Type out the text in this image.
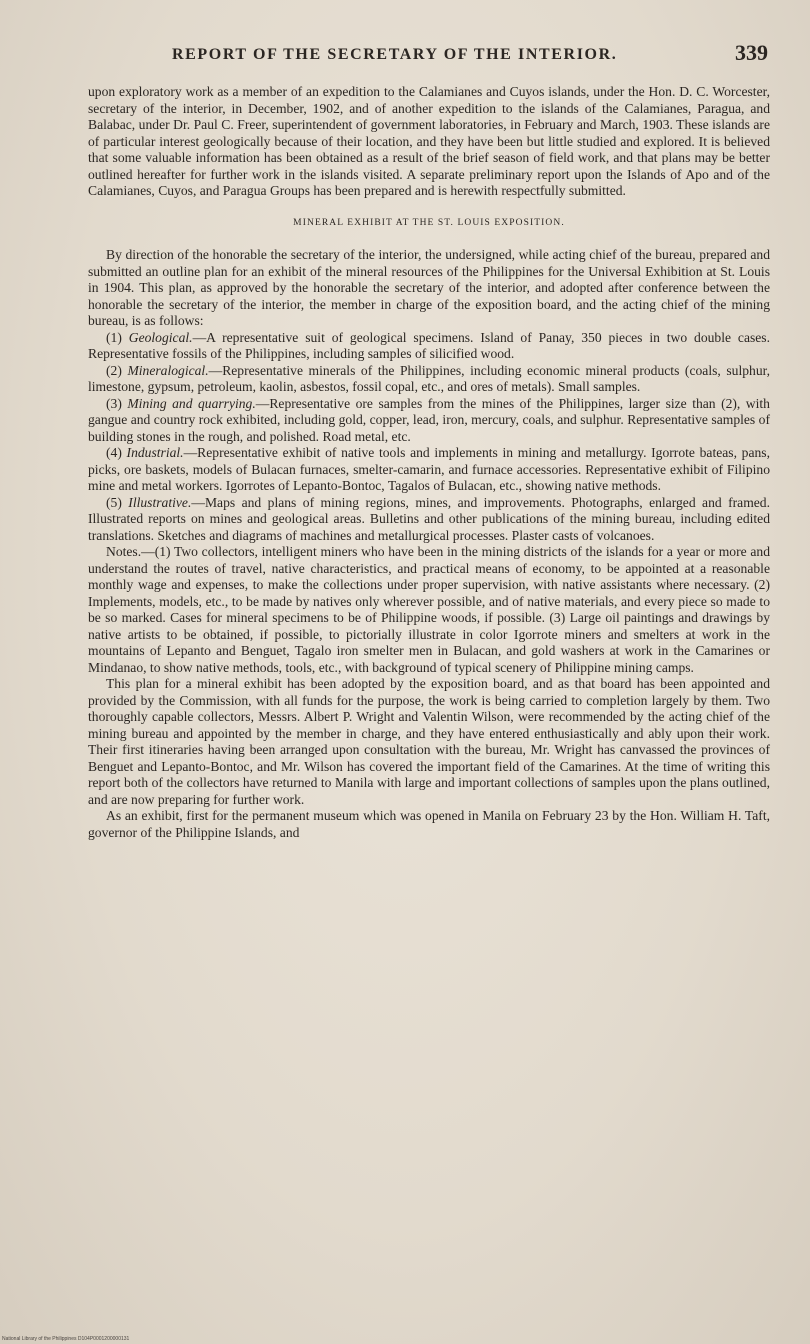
REPORT OF THE SECRETARY OF THE INTERIOR.	339

upon exploratory work as a member of an expedition to the Calamianes and Cuyos islands, under the Hon. D. C. Worcester, secretary of the interior, in December, 1902, and of another expedition to the islands of the Calamianes, Paragua, and Balabac, under Dr. Paul C. Freer, superintendent of government laboratories, in February and March, 1903. These islands are of particular interest geologically because of their location, and they have been but little studied and explored. It is believed that some valuable information has been obtained as a result of the brief season of field work, and that plans may be better outlined hereafter for further work in the islands visited. A separate preliminary report upon the Islands of Apo and of the Calamianes, Cuyos, and Paragua Groups has been prepared and is herewith respectfully submitted.

MINERAL EXHIBIT AT THE ST. LOUIS EXPOSITION.

By direction of the honorable the secretary of the interior, the undersigned, while acting chief of the bureau, prepared and submitted an outline plan for an exhibit of the mineral resources of the Philippines for the Universal Exhibition at St. Louis in 1904. This plan, as approved by the honorable the secretary of the interior, and adopted after conference between the honorable the secretary of the interior, the member in charge of the exposition board, and the acting chief of the mining bureau, is as follows:

(1) Geological.—A representative suit of geological specimens. Island of Panay, 350 pieces in two double cases. Representative fossils of the Philippines, including samples of silicified wood.

(2) Mineralogical.—Representative minerals of the Philippines, including economic mineral products (coals, sulphur, limestone, gypsum, petroleum, kaolin, asbestos, fossil copal, etc., and ores of metals). Small samples.

(3) Mining and quarrying.—Representative ore samples from the mines of the Philippines, larger size than (2), with gangue and country rock exhibited, including gold, copper, lead, iron, mercury, coals, and sulphur. Representative samples of building stones in the rough, and polished. Road metal, etc.

(4) Industrial.—Representative exhibit of native tools and implements in mining and metallurgy. Igorrote bateas, pans, picks, ore baskets, models of Bulacan furnaces, smelter-camarin, and furnace accessories. Representative exhibit of Filipino mine and metal workers. Igorrotes of Lepanto-Bontoc, Tagalos of Bulacan, etc., showing native methods.

(5) Illustrative.—Maps and plans of mining regions, mines, and improvements. Photographs, enlarged and framed. Illustrated reports on mines and geological areas. Bulletins and other publications of the mining bureau, including edited translations. Sketches and diagrams of machines and metallurgical processes. Plaster casts of volcanoes.

Notes.—(1) Two collectors, intelligent miners who have been in the mining districts of the islands for a year or more and understand the routes of travel, native characteristics, and practical means of economy, to be appointed at a reasonable monthly wage and expenses, to make the collections under proper supervision, with native assistants where necessary. (2) Implements, models, etc., to be made by natives only wherever possible, and of native materials, and every piece so made to be so marked. Cases for mineral specimens to be of Philippine woods, if possible. (3) Large oil paintings and drawings by native artists to be obtained, if possible, to pictorially illustrate in color Igorrote miners and smelters at work in the mountains of Lepanto and Benguet, Tagalo iron smelter men in Bulacan, and gold washers at work in the Camarines or Mindanao, to show native methods, tools, etc., with background of typical scenery of Philippine mining camps.

This plan for a mineral exhibit has been adopted by the exposition board, and as that board has been appointed and provided by the Commission, with all funds for the purpose, the work is being carried to completion largely by them. Two thoroughly capable collectors, Messrs. Albert P. Wright and Valentin Wilson, were recommended by the acting chief of the mining bureau and appointed by the member in charge, and they have entered enthusiastically and ably upon their work. Their first itineraries having been arranged upon consultation with the bureau, Mr. Wright has canvassed the provinces of Benguet and Lepanto-Bontoc, and Mr. Wilson has covered the important field of the Camarines. At the time of writing this report both of the collectors have returned to Manila with large and important collections of samples upon the plans outlined, and are now preparing for further work.

As an exhibit, first for the permanent museum which was opened in Manila on February 23 by the Hon. William H. Taft, governor of the Philippine Islands, and

National Library of the Philippines D104P0001200000131
